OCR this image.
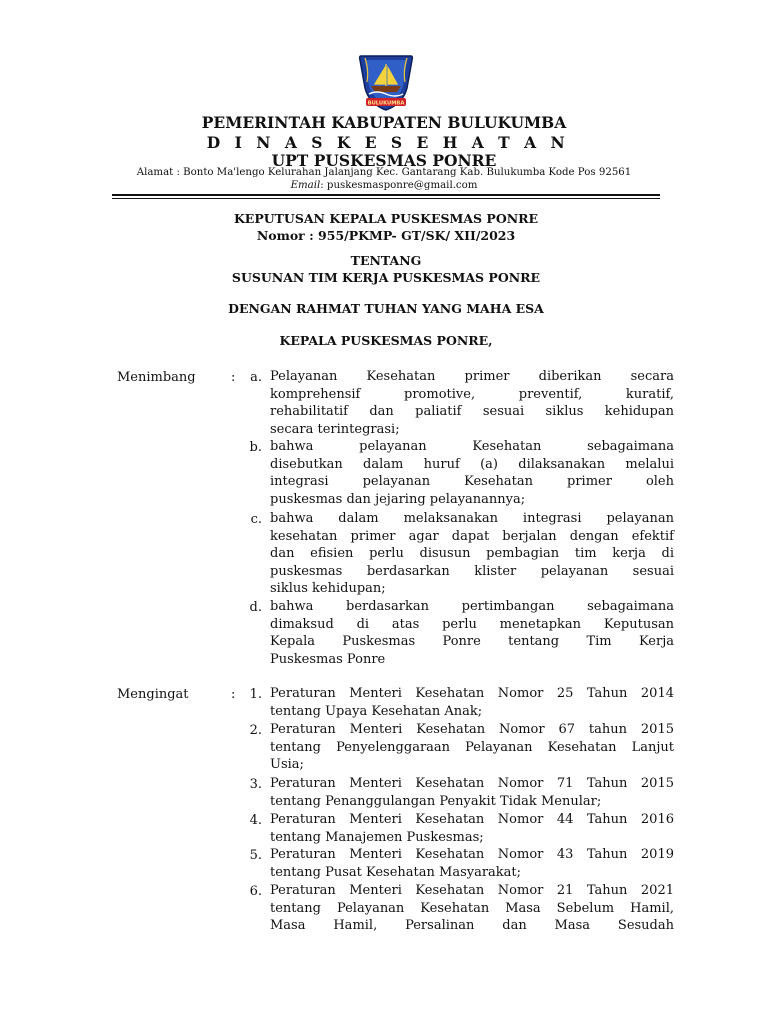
BULUKUMBA
PEMERINTAH KABUPATEN BULUKUMBA
D I N A S K E S E H A T A N
UPT PUSKESMAS PONRE
Alamat : Bonto Ma'lengo Kelurahan Jalanjang Kec. Gantarang Kab. Bulukumba Kode Pos 92561
Email: puskesmasponre@gmail.com
KEPUTUSAN KEPALA PUSKESMAS PONRE
Nomor : 955/PKMP- GT/SK/ XII/2023
TENTANG
SUSUNAN TIM KERJA PUSKESMAS PONRE
DENGAN RAHMAT TUHAN YANG MAHA ESA
KEPALA PUSKESMAS PONRE,
Menimbang	:	a. Pelayanan Kesehatan primer diberikan secara
komprehensif promotive, preventif, kuratif,
rehabilitatif dan paliatif sesuai siklus kehidupan
secara terintegrasi;
b. bahwa pelayanan Kesehatan sebagaimana
disebutkan dalam huruf (a) dilaksanakan melalui
integrasi pelayanan Kesehatan primer oleh
puskesmas dan jejaring pelayanannya;
c. bahwa dalam melaksanakan integrasi pelayanan
kesehatan primer agar dapat berjalan dengan efektif
dan efisien perlu disusun pembagian tim kerja di
puskesmas berdasarkan klister pelayanan sesuai
siklus kehidupan;
d. bahwa berdasarkan pertimbangan sebagaimana
dimaksud di atas perlu menetapkan Keputusan
Kepala Puskesmas Ponre tentang Tim Kerja
Puskesmas Ponre
Mengingat	:	1. Peraturan Menteri Kesehatan Nomor 25 Tahun 2014
tentang Upaya Kesehatan Anak;
2. Peraturan Menteri Kesehatan Nomor 67 tahun 2015
tentang Penyelenggaraan Pelayanan Kesehatan Lanjut
Usia;
3. Peraturan Menteri Kesehatan Nomor 71 Tahun 2015
tentang Penanggulangan Penyakit Tidak Menular;
4. Peraturan Menteri Kesehatan Nomor 44 Tahun 2016
tentang Manajemen Puskesmas;
5. Peraturan Menteri Kesehatan Nomor 43 Tahun 2019
tentang Pusat Kesehatan Masyarakat;
6. Peraturan Menteri Kesehatan Nomor 21 Tahun 2021
tentang Pelayanan Kesehatan Masa Sebelum Hamil,
Masa Hamil, Persalinan dan Masa Sesudah
